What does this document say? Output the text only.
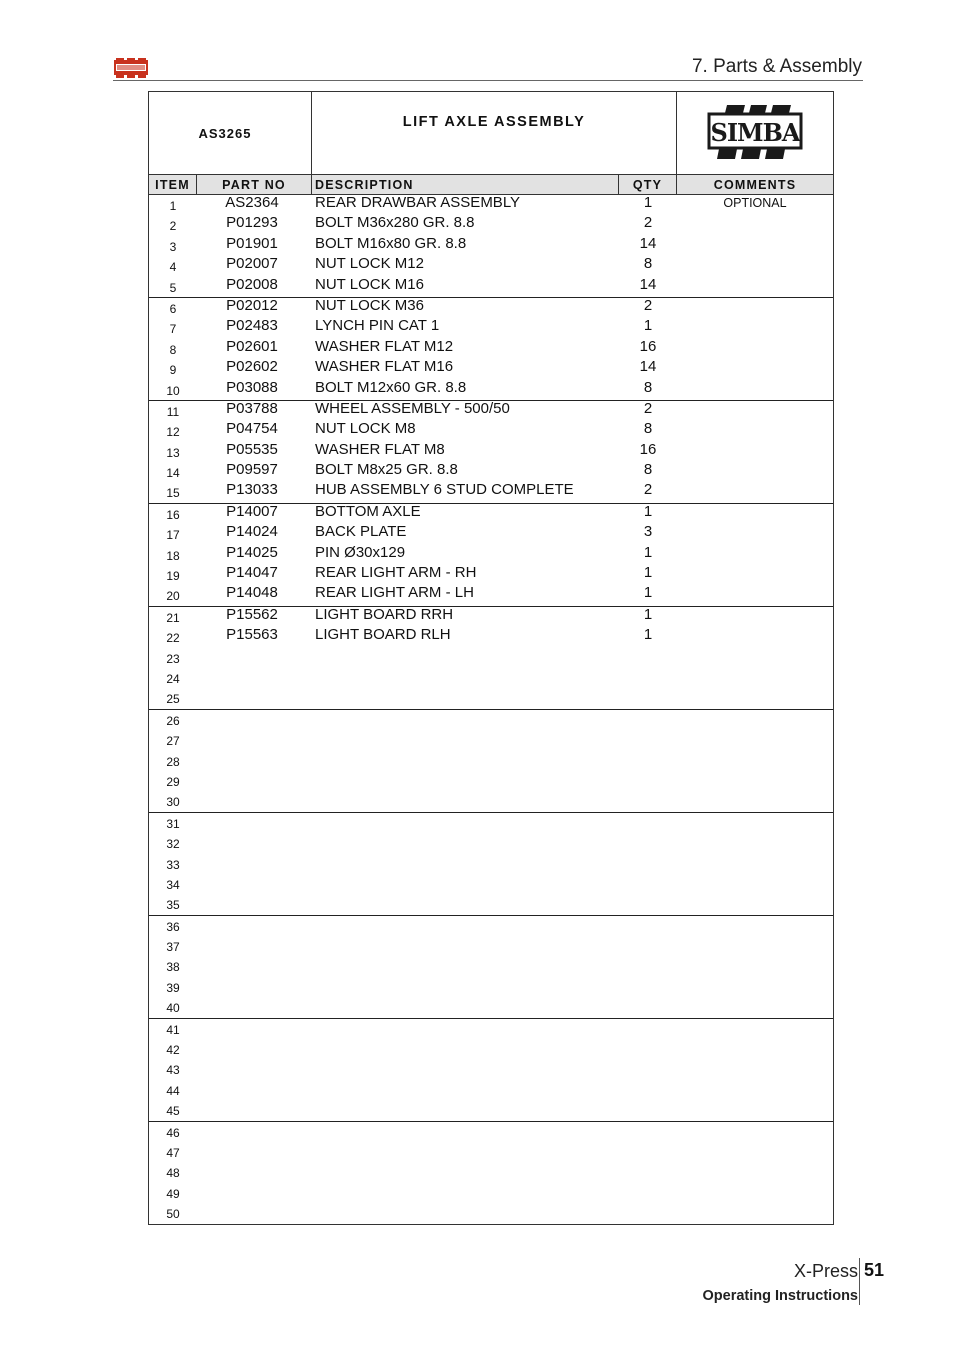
7. Parts & Assembly
AS3265
LIFT AXLE ASSEMBLY	SIMBA
ITEM	PART NO	DESCRIPTION	QTY	COMMENTS
1	AS2364	REAR DRAWBAR ASSEMBLY	1	OPTIONAL
2	P01293	BOLT M36x280 GR. 8.8	2
3	P01901	BOLT M16x80 GR. 8.8	14
4	P02007	NUT LOCK M12	8
5	P02008	NUT LOCK M16	14
6	P02012	NUT LOCK M36	2
7	P02483	LYNCH PIN CAT 1	1
8	P02601	WASHER FLAT M12	16
9	P02602	WASHER FLAT M16	14
10	P03088	BOLT M12x60 GR. 8.8	8
11	P03788	WHEEL ASSEMBLY - 500/50	2
12	P04754	NUT LOCK M8	8
13	P05535	WASHER FLAT M8	16
14	P09597	BOLT M8x25 GR. 8.8	8
15	P13033	HUB ASSEMBLY 6 STUD COMPLETE	2
16	P14007	BOTTOM AXLE	1
17	P14024	BACK PLATE	3
18	P14025	PIN Ø30x129	1
19	P14047	REAR LIGHT ARM - RH	1
20	P14048	REAR LIGHT ARM - LH	1
21	P15562	LIGHT BOARD RRH	1
22	P15563	LIGHT BOARD RLH	1
23
24
25
26
27
28
29
30
31
32
33
34
35
36
37
38
39
40
41
42
43
44
45
46
47
48
49
50
X-Press
Operating Instructions
51
